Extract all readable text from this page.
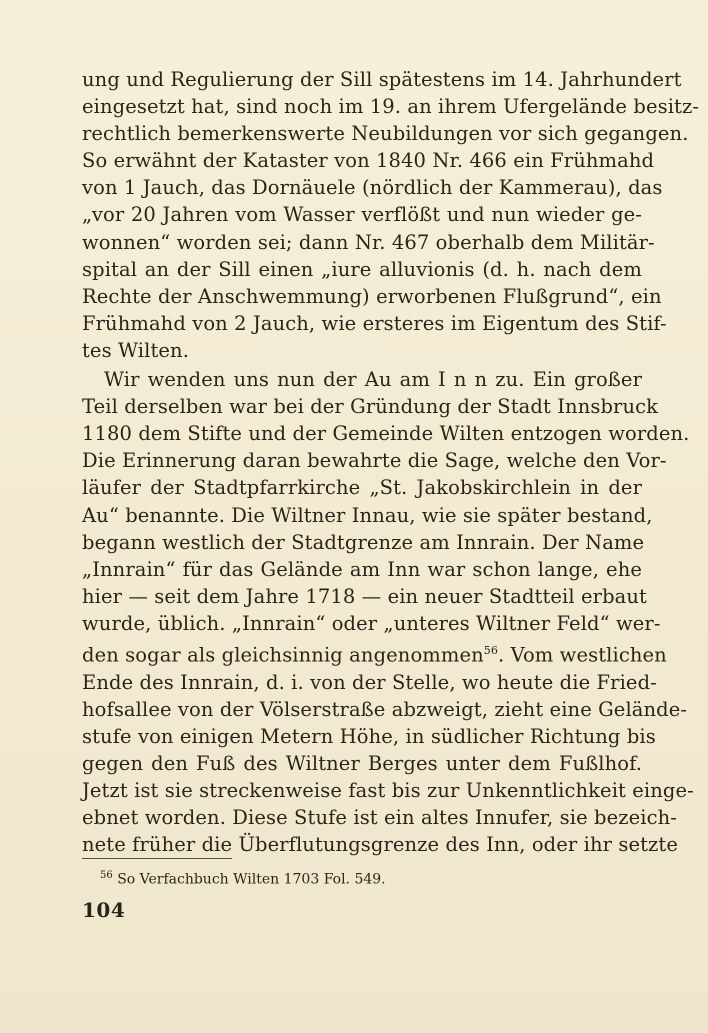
ung und Regulierung der Sill spätestens im 14. Jahrhundert
eingesetzt hat, sind noch im 19. an ihrem Ufergelände besitz-
rechtlich bemerkenswerte Neubildungen vor sich gegangen.
So erwähnt der Kataster von 1840 Nr. 466 ein Frühmahd
von 1 Jauch, das Dornäuele (nördlich der Kammerau), das
„vor 20 Jahren vom Wasser verflößt und nun wieder ge-
wonnen“ worden sei; dann Nr. 467 oberhalb dem Militär-
spital an der Sill einen „iure alluvionis (d. h. nach dem
Rechte der Anschwemmung) erworbenen Flußgrund“, ein
Frühmahd von 2 Jauch, wie ersteres im Eigentum des Stif-
tes Wilten.
Wir wenden uns nun der Au am I n n zu. Ein großer
Teil derselben war bei der Gründung der Stadt Innsbruck
1180 dem Stifte und der Gemeinde Wilten entzogen worden.
Die Erinnerung daran bewahrte die Sage, welche den Vor-
läufer der Stadtpfarrkirche „St. Jakobskirchlein in der
Au“ benannte. Die Wiltner Innau, wie sie später bestand,
begann westlich der Stadtgrenze am Innrain. Der Name
„Innrain“ für das Gelände am Inn war schon lange, ehe
hier — seit dem Jahre 1718 — ein neuer Stadtteil erbaut
wurde, üblich. „Innrain“ oder „unteres Wiltner Feld“ wer-
den sogar als gleichsinnig angenommen$^{56}$. Vom westlichen
Ende des Innrain, d. i. von der Stelle, wo heute die Fried-
hofsallee von der Völserstraße abzweigt, zieht eine Gelände-
stufe von einigen Metern Höhe, in südlicher Richtung bis
gegen den Fuß des Wiltner Berges unter dem Fußlhof.
Jetzt ist sie streckenweise fast bis zur Unkenntlichkeit einge-
ebnet worden. Diese Stufe ist ein altes Innufer, sie bezeich-
nete früher die Überflutungsgrenze des Inn, oder ihr setzte
$^{56}$ So Verfachbuch Wilten 1703 Fol. 549.
104
